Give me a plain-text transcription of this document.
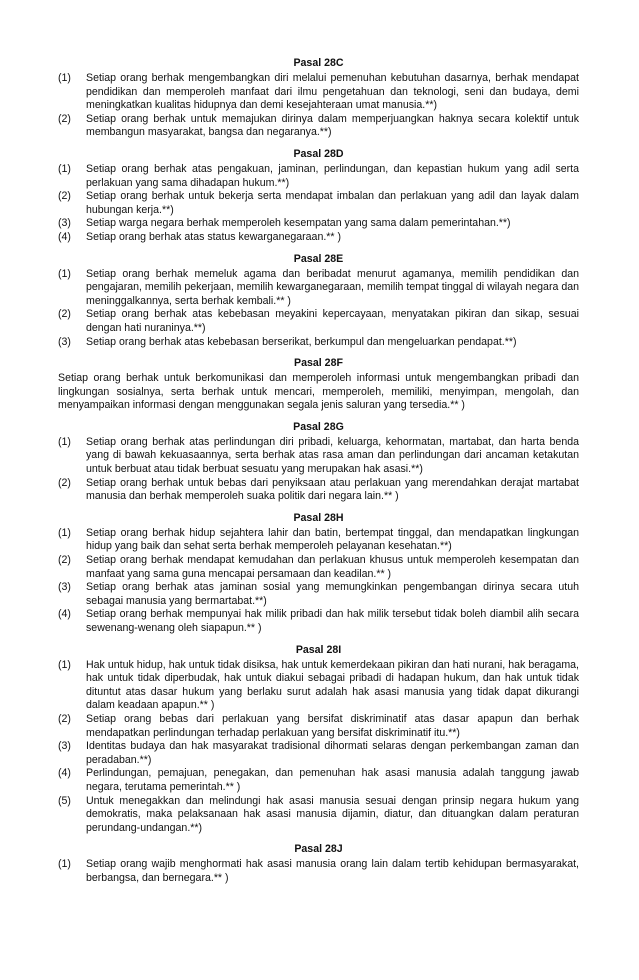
Pasal 28C
(1)	Setiap orang berhak mengembangkan diri melalui pemenuhan kebutuhan dasarnya, berhak mendapat pendidikan dan memperoleh manfaat dari ilmu pengetahuan dan teknologi, seni dan budaya, demi meningkatkan kualitas hidupnya dan demi kesejahteraan umat manusia.**)
(2)	Setiap orang berhak untuk memajukan dirinya dalam memperjuangkan haknya secara kolektif untuk membangun masyarakat, bangsa dan negaranya.**)
Pasal 28D
(1)	Setiap orang berhak atas pengakuan, jaminan, perlindungan, dan kepastian hukum yang adil serta perlakuan yang sama dihadapan hukum.**)
(2)	Setiap orang berhak untuk bekerja serta mendapat imbalan dan perlakuan yang adil dan layak dalam hubungan kerja.**)
(3)	Setiap warga negara berhak memperoleh kesempatan yang sama dalam pemerintahan.**)
(4)	Setiap orang berhak atas status kewarganegaraan.** )
Pasal 28E
(1)	Setiap orang berhak memeluk agama dan beribadat menurut agamanya, memilih pendidikan dan pengajaran, memilih pekerjaan, memilih kewarganegaraan, memilih tempat tinggal di wilayah negara dan meninggalkannya, serta berhak kembali.** )
(2)	Setiap orang berhak atas kebebasan meyakini kepercayaan, menyatakan pikiran dan sikap, sesuai dengan hati nuraninya.**)
(3)	Setiap orang berhak atas kebebasan berserikat, berkumpul dan mengeluarkan pendapat.**)
Pasal 28F
Setiap orang berhak untuk berkomunikasi dan memperoleh informasi untuk mengembangkan pribadi dan lingkungan sosialnya, serta berhak untuk mencari, memperoleh, memiliki, menyimpan, mengolah, dan menyampaikan informasi dengan menggunakan segala jenis saluran yang tersedia.** )
Pasal 28G
(1)	Setiap orang berhak atas perlindungan diri pribadi, keluarga, kehormatan, martabat, dan harta benda yang di bawah kekuasaannya, serta berhak atas rasa aman dan perlindungan dari ancaman ketakutan untuk berbuat atau tidak berbuat sesuatu yang merupakan hak asasi.**)
(2)	Setiap orang berhak untuk bebas dari penyiksaan atau perlakuan yang merendahkan derajat martabat manusia dan berhak memperoleh suaka politik dari negara lain.** )
Pasal 28H
(1)	Setiap orang berhak hidup sejahtera lahir dan batin, bertempat tinggal, dan mendapatkan lingkungan hidup yang baik dan sehat serta berhak memperoleh pelayanan kesehatan.**)
(2)	Setiap orang berhak mendapat kemudahan dan perlakuan khusus untuk memperoleh kesempatan dan manfaat yang sama guna mencapai persamaan dan keadilan.** )
(3)	Setiap orang berhak atas jaminan sosial yang memungkinkan pengembangan dirinya secara utuh sebagai manusia yang bermartabat.**)
(4)	Setiap orang berhak mempunyai hak milik pribadi dan hak milik tersebut tidak boleh diambil alih secara sewenang-wenang oleh siapapun.** )
Pasal 28I
(1)	Hak untuk hidup, hak untuk tidak disiksa, hak untuk kemerdekaan pikiran dan hati nurani, hak beragama, hak untuk tidak diperbudak, hak untuk diakui sebagai pribadi di hadapan hukum, dan hak untuk tidak dituntut atas dasar hukum yang berlaku surut adalah hak asasi manusia yang tidak dapat dikurangi dalam keadaan apapun.** )
(2)	Setiap orang bebas dari perlakuan yang bersifat diskriminatif atas dasar apapun dan berhak mendapatkan perlindungan terhadap perlakuan yang bersifat diskriminatif itu.**)
(3)	Identitas budaya dan hak masyarakat tradisional dihormati selaras dengan perkembangan zaman dan peradaban.**)
(4)	Perlindungan, pemajuan, penegakan, dan pemenuhan hak asasi manusia adalah tanggung jawab negara, terutama pemerintah.** )
(5)	Untuk menegakkan dan melindungi hak asasi manusia sesuai dengan prinsip negara hukum yang demokratis, maka pelaksanaan hak asasi manusia dijamin, diatur, dan dituangkan dalam peraturan perundang-undangan.**)
Pasal 28J
(1)	Setiap orang wajib menghormati hak asasi manusia orang lain dalam tertib kehidupan bermasyarakat, berbangsa, dan bernegara.** )
